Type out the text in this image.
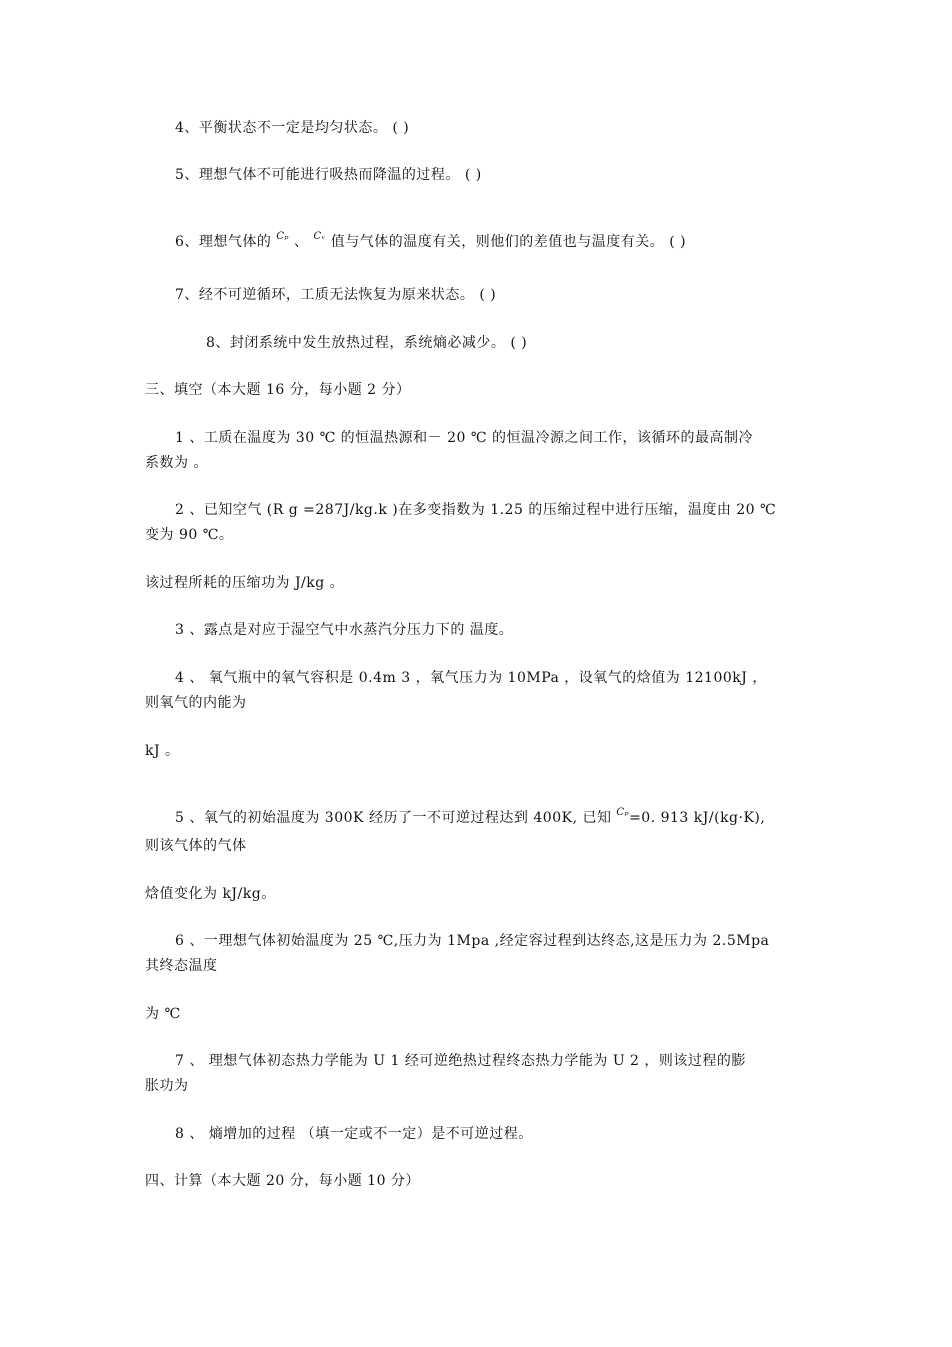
4、平衡状态不一定是均匀状态。 ( )
5、理想气体不可能进行吸热而降温的过程。 ( )
6、理想气体的 $^{C_p}$ 、 $^{Cᵥ}$ 值与气体的温度有关，则他们的差值也与温度有关。 ( )
7、经不可逆循环，工质无法恢复为原来状态。 ( )
8、封闭系统中发生放热过程，系统熵必减少。 ( )
三、填空（本大题 16 分，每小题 2 分）
1 、工质在温度为 30 ℃ 的恒温热源和－ 20 ℃ 的恒温冷源之间工作，该循环的最高制冷
系数为 。
2 、已知空气 (R g =287J/kg.k )在多变指数为 1.25 的压缩过程中进行压缩，温度由 20 ℃
变为 90 ℃。
该过程所耗的压缩功为 J/kg 。
3 、露点是对应于湿空气中水蒸汽分压力下的 温度。
4 、 氧气瓶中的氧气容积是 0.4m 3 ，氧气压力为 10MPa ，设氧气的焓值为 12100kJ ，
则氧气的内能为
kJ 。
5 、氧气的初始温度为 300K 经历了一不可逆过程达到 400K, 已知 $^{C_p}$=0. 913 kJ/(kg·K),
则该气体的气体
焓值变化为 kJ/kg。
6 、一理想气体初始温度为 25 ℃,压力为 1Mpa ,经定容过程到达终态,这是压力为 2.5Mpa
其终态温度
为 ℃
7 、 理想气体初态热力学能为 U 1 经可逆绝热过程终态热力学能为 U 2 ，则该过程的膨
胀功为
8 、 熵增加的过程 （填一定或不一定）是不可逆过程。
四、计算（本大题 20 分，每小题 10 分）
